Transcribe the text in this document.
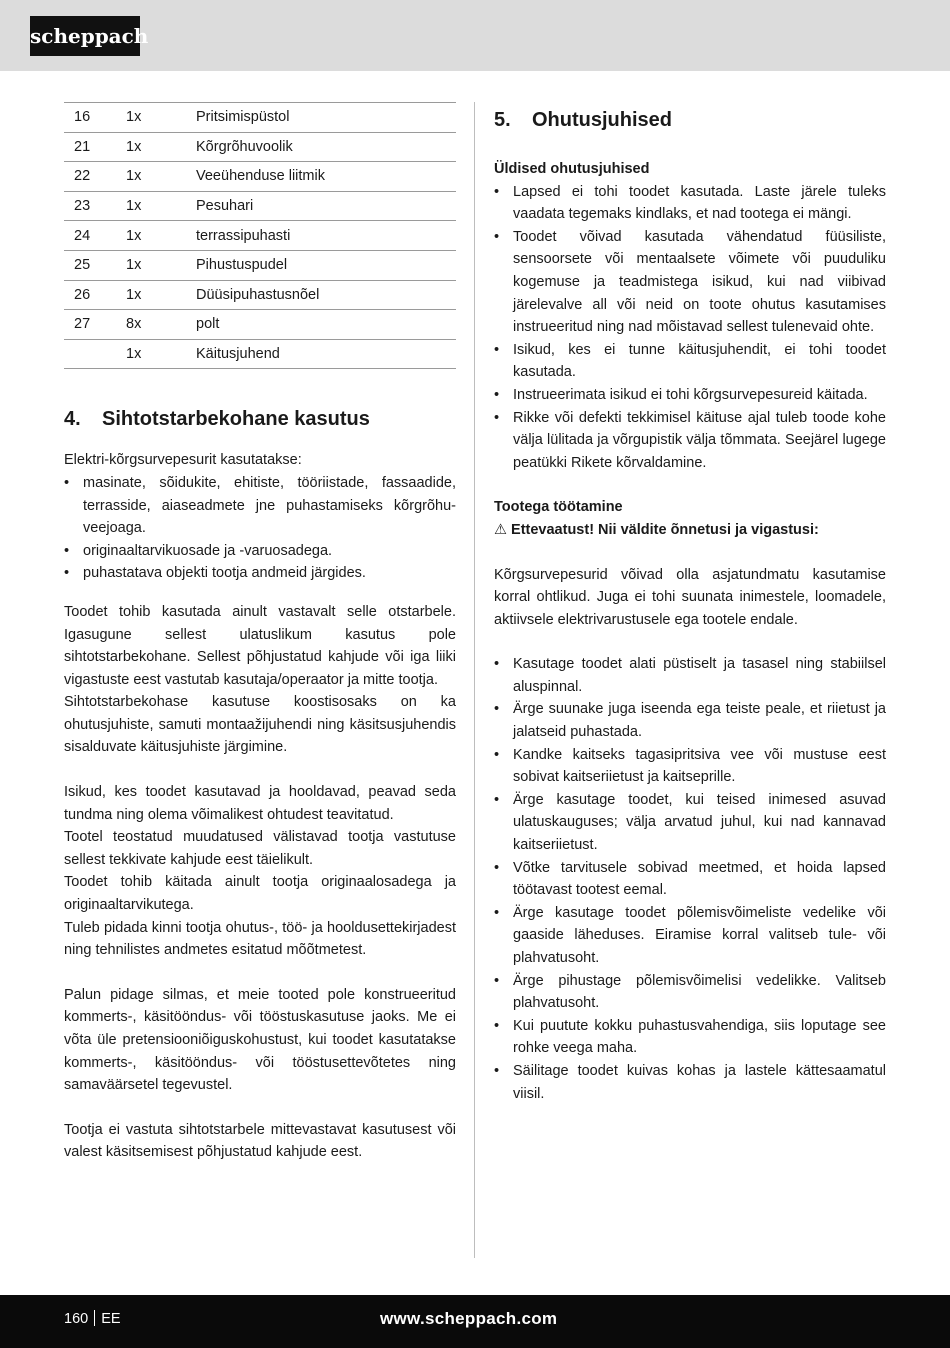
scheppach
16	1x	Pritsimispüstol
21	1x	Kõrgrõhuvoolik
22	1x	Veeühenduse liitmik
23	1x	Pesuhari
24	1x	terrassipuhasti
25	1x	Pihustuspudel
26	1x	Düüsipuhastusnõel
27	8x	polt
	1x	Käitusjuhend
4. Sihtotstarbekohane kasutus

Elektri-kõrgsurvepesurit kasutatakse:

• masinate, sõidukite, ehitiste, tööriistade, fassaadide, terrasside, aiaseadmete jne puhastamiseks kõrgrõhu-veejoaga.
• originaaltarvikuosade ja -varuosadega.
• puhastatava objekti tootja andmeid järgides.

Toodet tohib kasutada ainult vastavalt selle otstarbele. Igasugune sellest ulatuslikum kasutus pole sihtotstarbekohane. Sellest põhjustatud kahjude või iga liiki vigastuste eest vastutab kasutaja/operaator ja mitte tootja.

Sihtotstarbekohase kasutuse koostisosaks on ka ohutusjuhiste, samuti montaažijuhendi ning käsitsusjuhendis sisalduvate käitusjuhiste järgimine.

Isikud, kes toodet kasutavad ja hooldavad, peavad seda tundma ning olema võimalikest ohtudest teavitatud.

Tootel teostatud muudatused välistavad tootja vastutuse sellest tekkivate kahjude eest täielikult.

Toodet tohib käitada ainult tootja originaalosadega ja originaaltarvikutega.

Tuleb pidada kinni tootja ohutus-, töö- ja hooldusettekirjadest ning tehnilistes andmetes esitatud mõõtmetest.

Palun pidage silmas, et meie tooted pole konstrueeritud kommerts-, käsitööndus- või tööstuskasutuse jaoks. Me ei võta üle pretensiooniõiguskohustust, kui toodet kasutatakse kommerts-, käsitööndus- või tööstusettevõtetes ning samaväärsetel tegevustel.

Tootja ei vastuta sihtotstarbele mittevastavat kasutusest või valest käsitsemisest põhjustatud kahjude eest.

5. Ohutusjuhised

Üldised ohutusjuhised

• Lapsed ei tohi toodet kasutada. Laste järele tuleks vaadata tegemaks kindlaks, et nad tootega ei mängi.
• Toodet võivad kasutada vähendatud füüsiliste, sensoorsete või mentaalsete võimete või puuduliku kogemuse ja teadmistega isikud, kui nad viibivad järelevalve all või neid on toote ohutus kasutamises instrueeritud ning nad mõistavad sellest tulenevaid ohte.
• Isikud, kes ei tunne käitusjuhendit, ei tohi toodet kasutada.
• Instrueerimata isikud ei tohi kõrgsurvepesureid käitada.
• Rikke või defekti tekkimisel käituse ajal tuleb toode kohe välja lülitada ja võrgupistik välja tõmmata. Seejärel lugege peatükki Rikete kõrvaldamine.

Tootega töötamine

⚠ Ettevaatust! Nii väldite õnnetusi ja vigastusi:

Kõrgsurvepesurid võivad olla asjatundmatu kasutamise korral ohtlikud. Juga ei tohi suunata inimestele, loomadele, aktiivsele elektrivarustusele ega tootele endale.

• Kasutage toodet alati püstiselt ja tasasel ning stabiilsel aluspinnal.
• Ärge suunake juga iseenda ega teiste peale, et riietust ja jalatseid puhastada.
• Kandke kaitseks tagasipritsiva vee või mustuse eest sobivat kaitseriietust ja kaitseprille.
• Ärge kasutage toodet, kui teised inimesed asuvad ulatuskauguses; välja arvatud juhul, kui nad kannavad kaitseriietust.
• Võtke tarvitusele sobivad meetmed, et hoida lapsed töötavast tootest eemal.
• Ärge kasutage toodet põlemisvõimeliste vedelike või gaaside läheduses. Eiramise korral valitseb tule- või plahvatusoht.
• Ärge pihustage põlemisvõimelisi vedelikke. Valitseb plahvatusoht.
• Kui puutute kokku puhastusvahendiga, siis loputage see rohke veega maha.
• Säilitage toodet kuivas kohas ja lastele kättesaamatul viisil.
160 EE	www.scheppach.com
